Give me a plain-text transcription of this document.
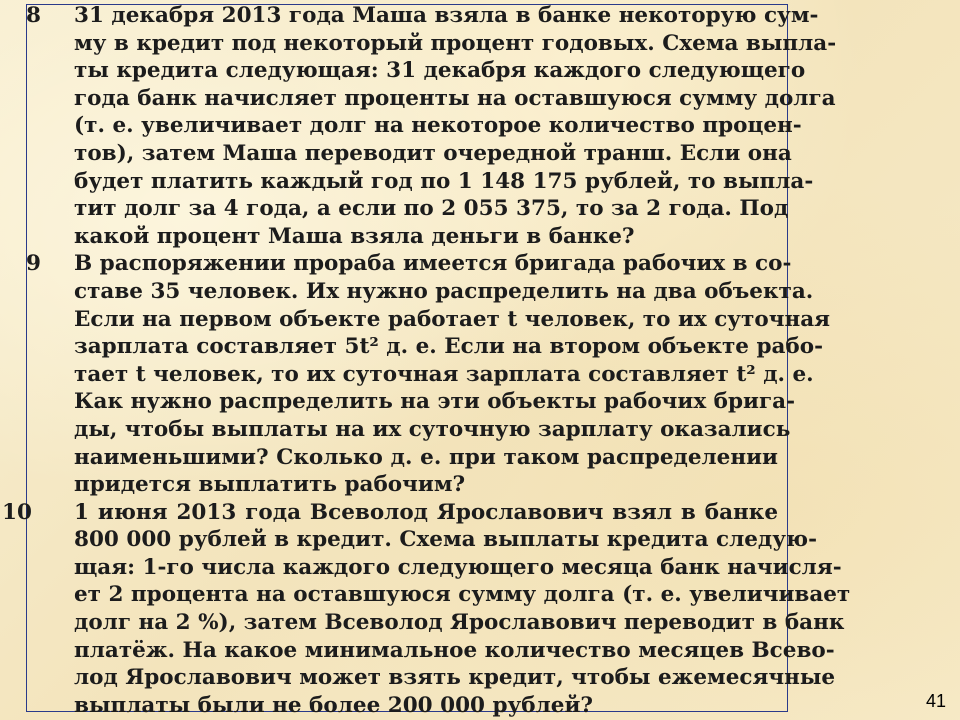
8	31 декабря 2013 года Маша взяла в банке некоторую сум-
му в кредит под некоторый процент годовых. Схема выпла-
ты кредита следующая: 31 декабря каждого следующего
года банк начисляет проценты на оставшуюся сумму долга
(т. е. увеличивает долг на некоторое количество процен-
тов), затем Маша переводит очередной транш. Если она
будет платить каждый год по 1 148 175 рублей, то выпла-
тит долг за 4 года, а если по 2 055 375, то за 2 года. Под
какой процент Маша взяла деньги в банке?
9	В распоряжении прораба имеется бригада рабочих в со-
ставе 35 человек. Их нужно распределить на два объекта.
Если на первом объекте работает t человек, то их суточная
зарплата составляет 5t² д. е. Если на втором объекте рабо-
тает t человек, то их суточная зарплата составляет t² д. е.
Как нужно распределить на эти объекты рабочих брига-
ды, чтобы выплаты на их суточную зарплату оказались
наименьшими? Сколько д. е. при таком распределении
придется выплатить рабочим?
10	1 июня 2013 года Всеволод Ярославович взял в банке
800 000 рублей в кредит. Схема выплаты кредита следую-
щая: 1-го числа каждого следующего месяца банк начисля-
ет 2 процента на оставшуюся сумму долга (т. е. увеличивает
долг на 2 %), затем Всеволод Ярославович переводит в банк
платёж. На какое минимальное количество месяцев Всево-
лод Ярославович может взять кредит, чтобы ежемесячные
выплаты были не более 200 000 рублей?	41
